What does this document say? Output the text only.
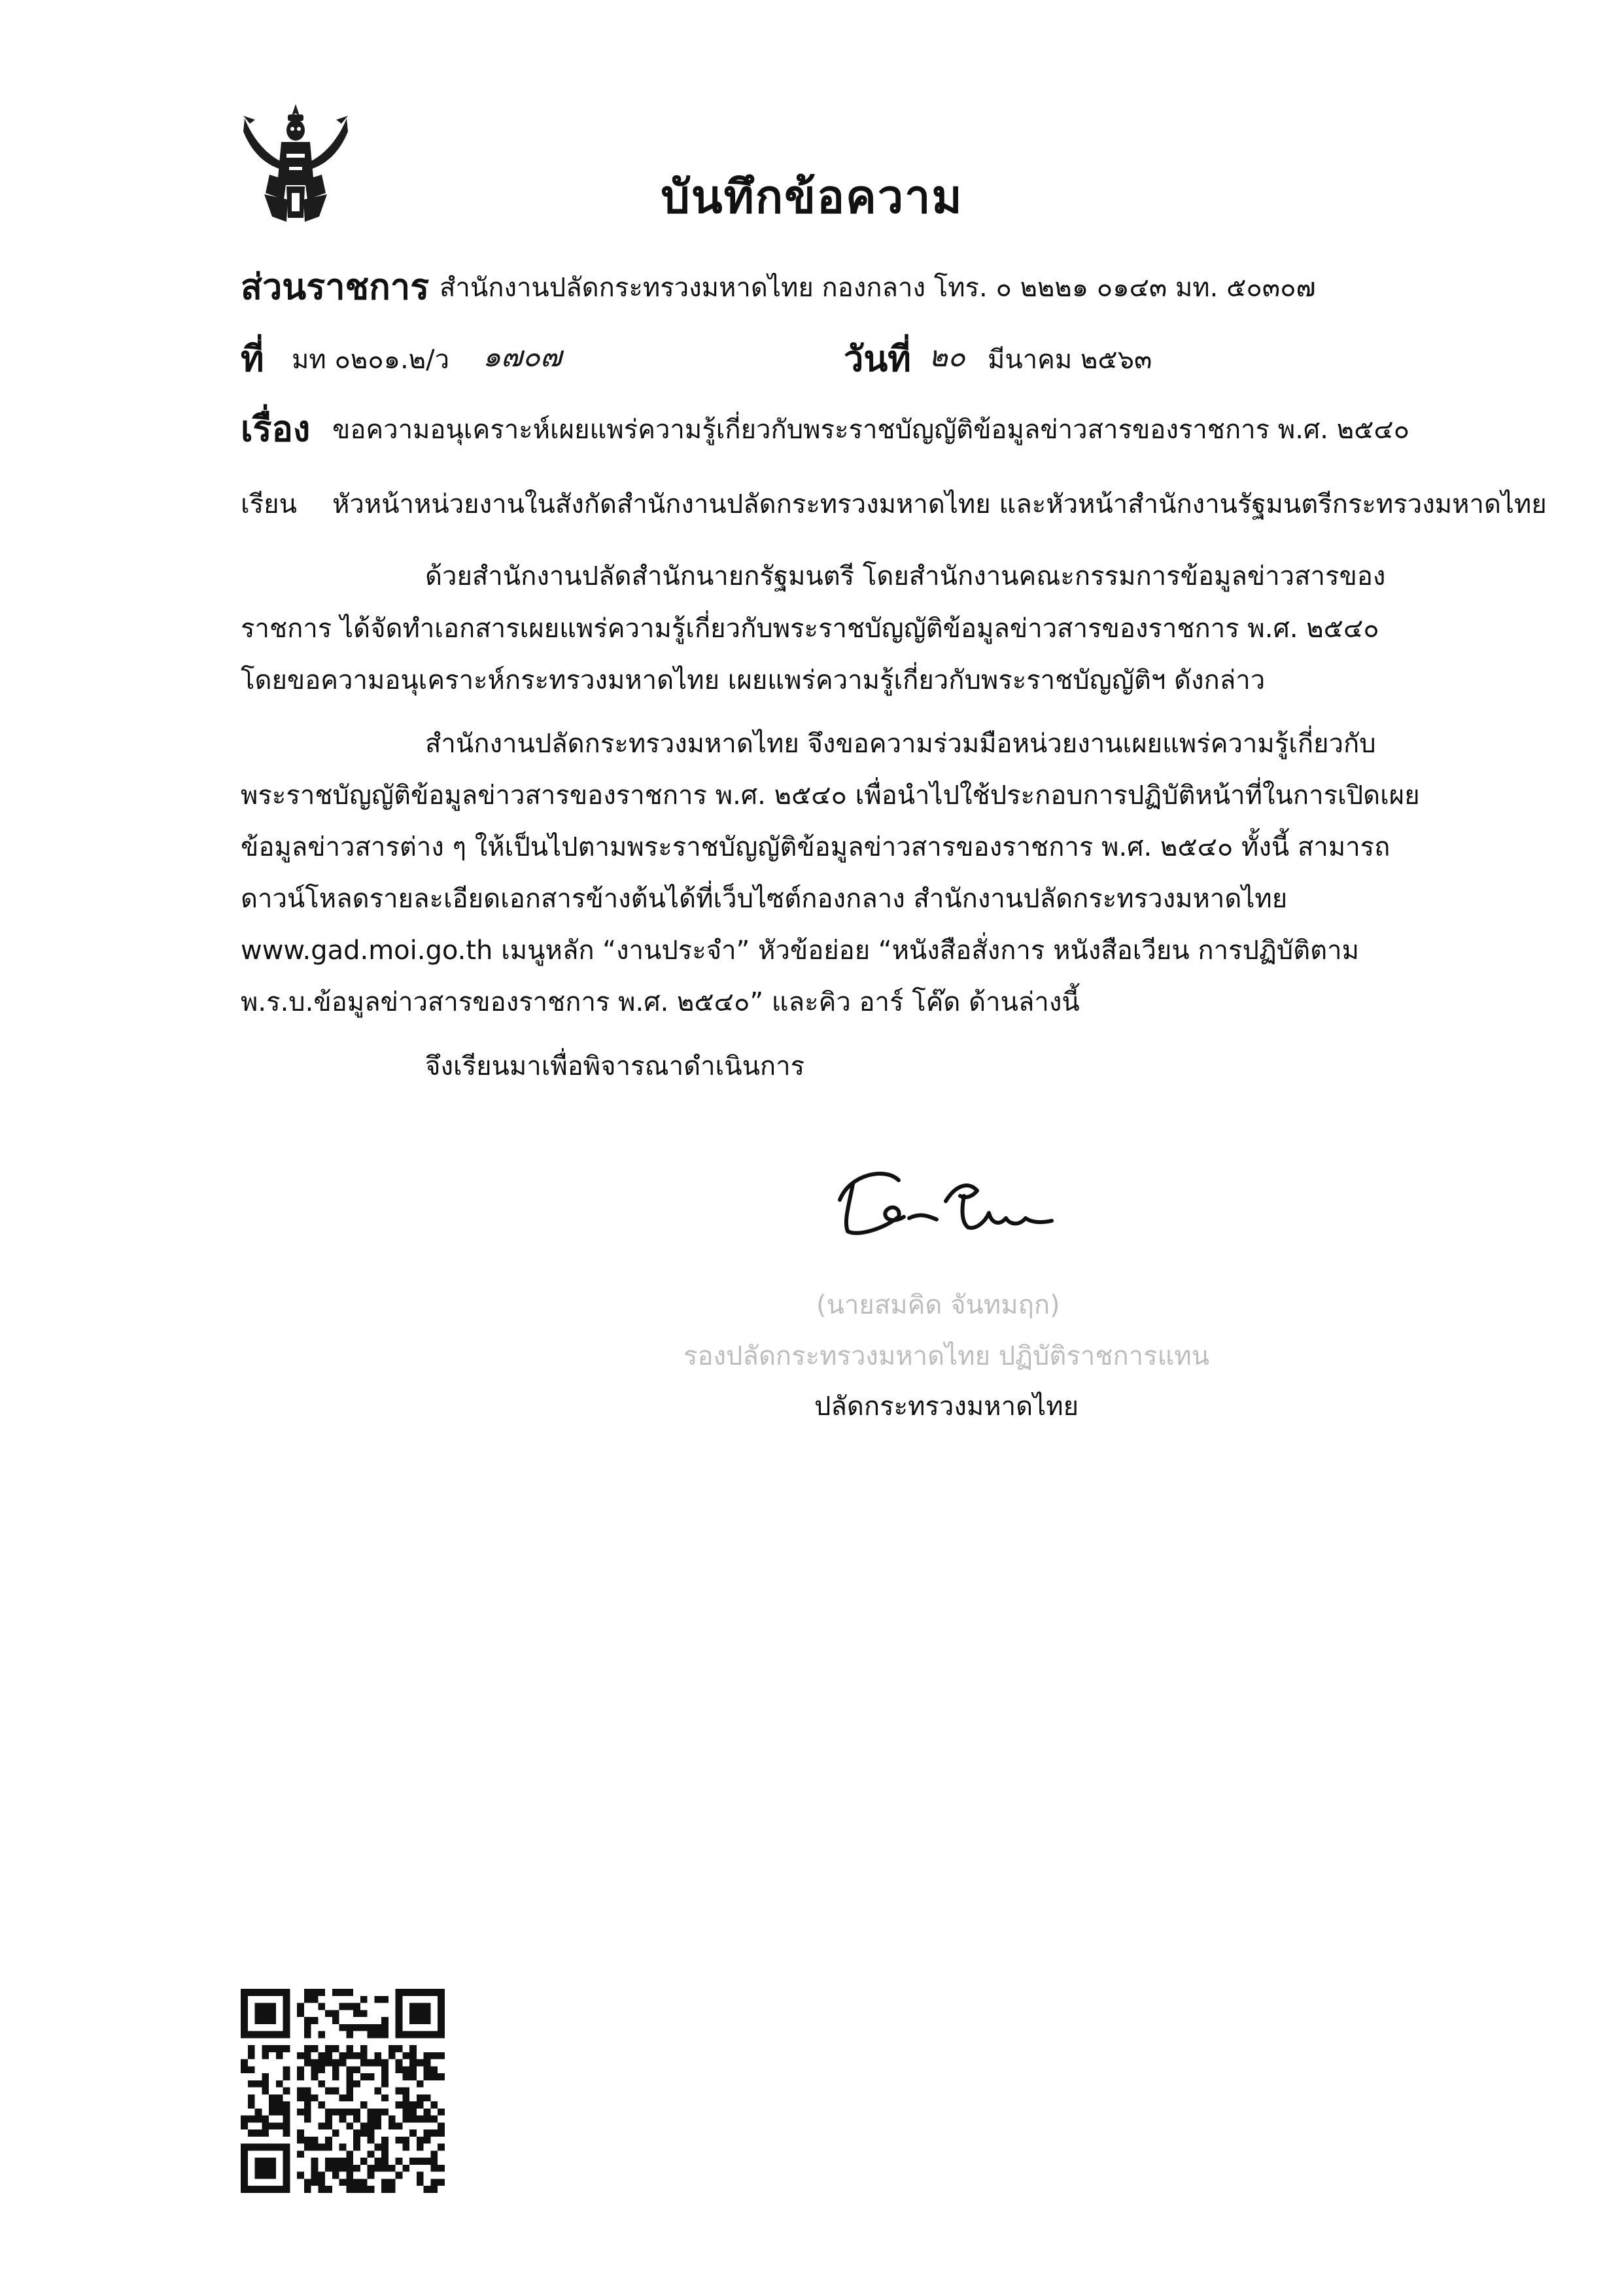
บันทึกข้อความ
ส่วนราชการ สำนักงานปลัดกระทรวงมหาดไทย กองกลาง โทร. ๐ ๒๒๒๑ ๐๑๔๓ มท. ๕๐๓๐๗
ที่ มท ๐๒๐๑.๒/ว ๑๗๐๗	วันที่ ๒๐ มีนาคม ๒๕๖๓
เรื่อง ขอความอนุเคราะห์เผยแพร่ความรู้เกี่ยวกับพระราชบัญญัติข้อมูลข่าวสารของราชการ พ.ศ. ๒๕๔๐
เรียน หัวหน้าหน่วยงานในสังกัดสำนักงานปลัดกระทรวงมหาดไทย และหัวหน้าสำนักงานรัฐมนตรีกระทรวงมหาดไทย
ด้วยสำนักงานปลัดสำนักนายกรัฐมนตรี โดยสำนักงานคณะกรรมการข้อมูลข่าวสารของ
ราชการ ได้จัดทำเอกสารเผยแพร่ความรู้เกี่ยวกับพระราชบัญญัติข้อมูลข่าวสารของราชการ พ.ศ. ๒๕๔๐
โดยขอความอนุเคราะห์กระทรวงมหาดไทย เผยแพร่ความรู้เกี่ยวกับพระราชบัญญัติฯ ดังกล่าว
สำนักงานปลัดกระทรวงมหาดไทย จึงขอความร่วมมือหน่วยงานเผยแพร่ความรู้เกี่ยวกับ
พระราชบัญญัติข้อมูลข่าวสารของราชการ พ.ศ. ๒๕๔๐ เพื่อนำไปใช้ประกอบการปฏิบัติหน้าที่ในการเปิดเผย
ข้อมูลข่าวสารต่าง ๆ ให้เป็นไปตามพระราชบัญญัติข้อมูลข่าวสารของราชการ พ.ศ. ๒๕๔๐ ทั้งนี้ สามารถ
ดาวน์โหลดรายละเอียดเอกสารข้างต้นได้ที่เว็บไซต์กองกลาง สำนักงานปลัดกระทรวงมหาดไทย
www.gad.moi.go.th เมนูหลัก “งานประจำ” หัวข้อย่อย “หนังสือสั่งการ หนังสือเวียน การปฏิบัติตาม
พ.ร.บ.ข้อมูลข่าวสารของราชการ พ.ศ. ๒๕๔๐” และคิว อาร์ โค๊ด ด้านล่างนี้
จึงเรียนมาเพื่อพิจารณาดำเนินการ
(นายสมคิด จันทมฤก)
รองปลัดกระทรวงมหาดไทย ปฏิบัติราชการแทน
ปลัดกระทรวงมหาดไทย
